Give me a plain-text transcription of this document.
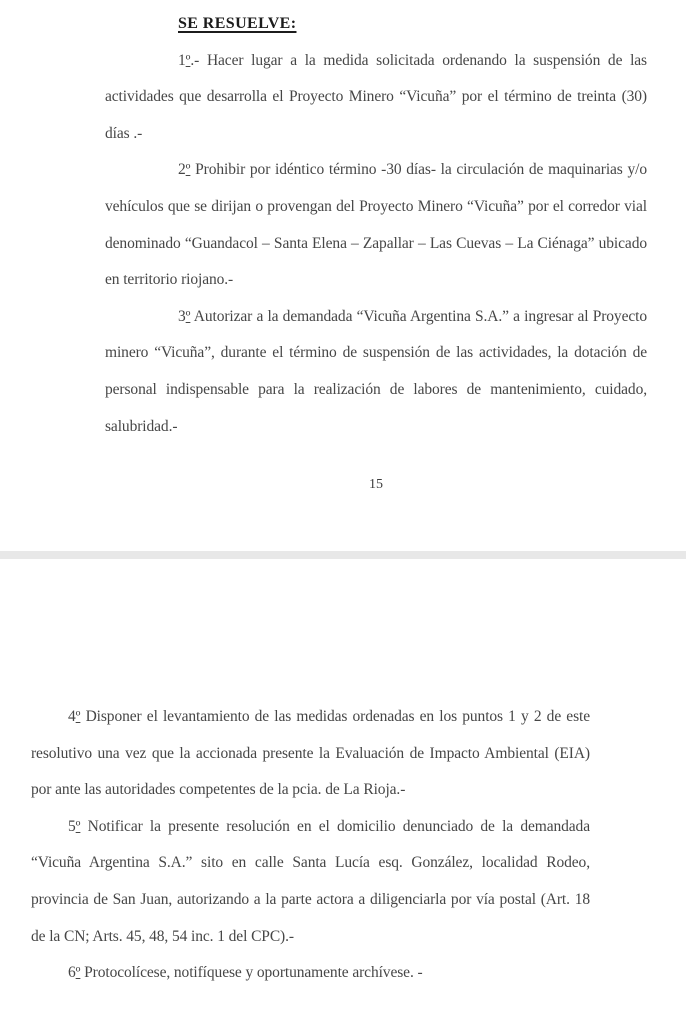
SE RESUELVE:

1º.- Hacer lugar a la medida solicitada ordenando la suspensión de las actividades que desarrolla el Proyecto Minero “Vicuña” por el término de treinta (30) días .-

2º Prohibir por idéntico término -30 días- la circulación de maquinarias y/o vehículos que se dirijan o provengan del Proyecto Minero “Vicuña” por el corredor vial denominado “Guandacol – Santa Elena – Zapallar – Las Cuevas – La Ciénaga” ubicado en territorio riojano.-

3º Autorizar a la demandada “Vicuña Argentina S.A.” a ingresar al Proyecto minero “Vicuña”, durante el término de suspensión de las actividades, la dotación de personal indispensable para la realización de labores de mantenimiento, cuidado, salubridad.-

15

4º Disponer el levantamiento de las medidas ordenadas en los puntos 1 y 2 de este resolutivo una vez que la accionada presente la Evaluación de Impacto Ambiental (EIA) por ante las autoridades competentes de la pcia. de La Rioja.-

5º Notificar la presente resolución en el domicilio denunciado de la demandada “Vicuña Argentina S.A.” sito en calle Santa Lucía esq. González, localidad Rodeo, provincia de San Juan, autorizando a la parte actora a diligenciarla por vía postal (Art. 18 de la CN; Arts. 45, 48, 54 inc. 1 del CPC).-

6º Protocolícese, notifíquese y oportunamente archívese. -
